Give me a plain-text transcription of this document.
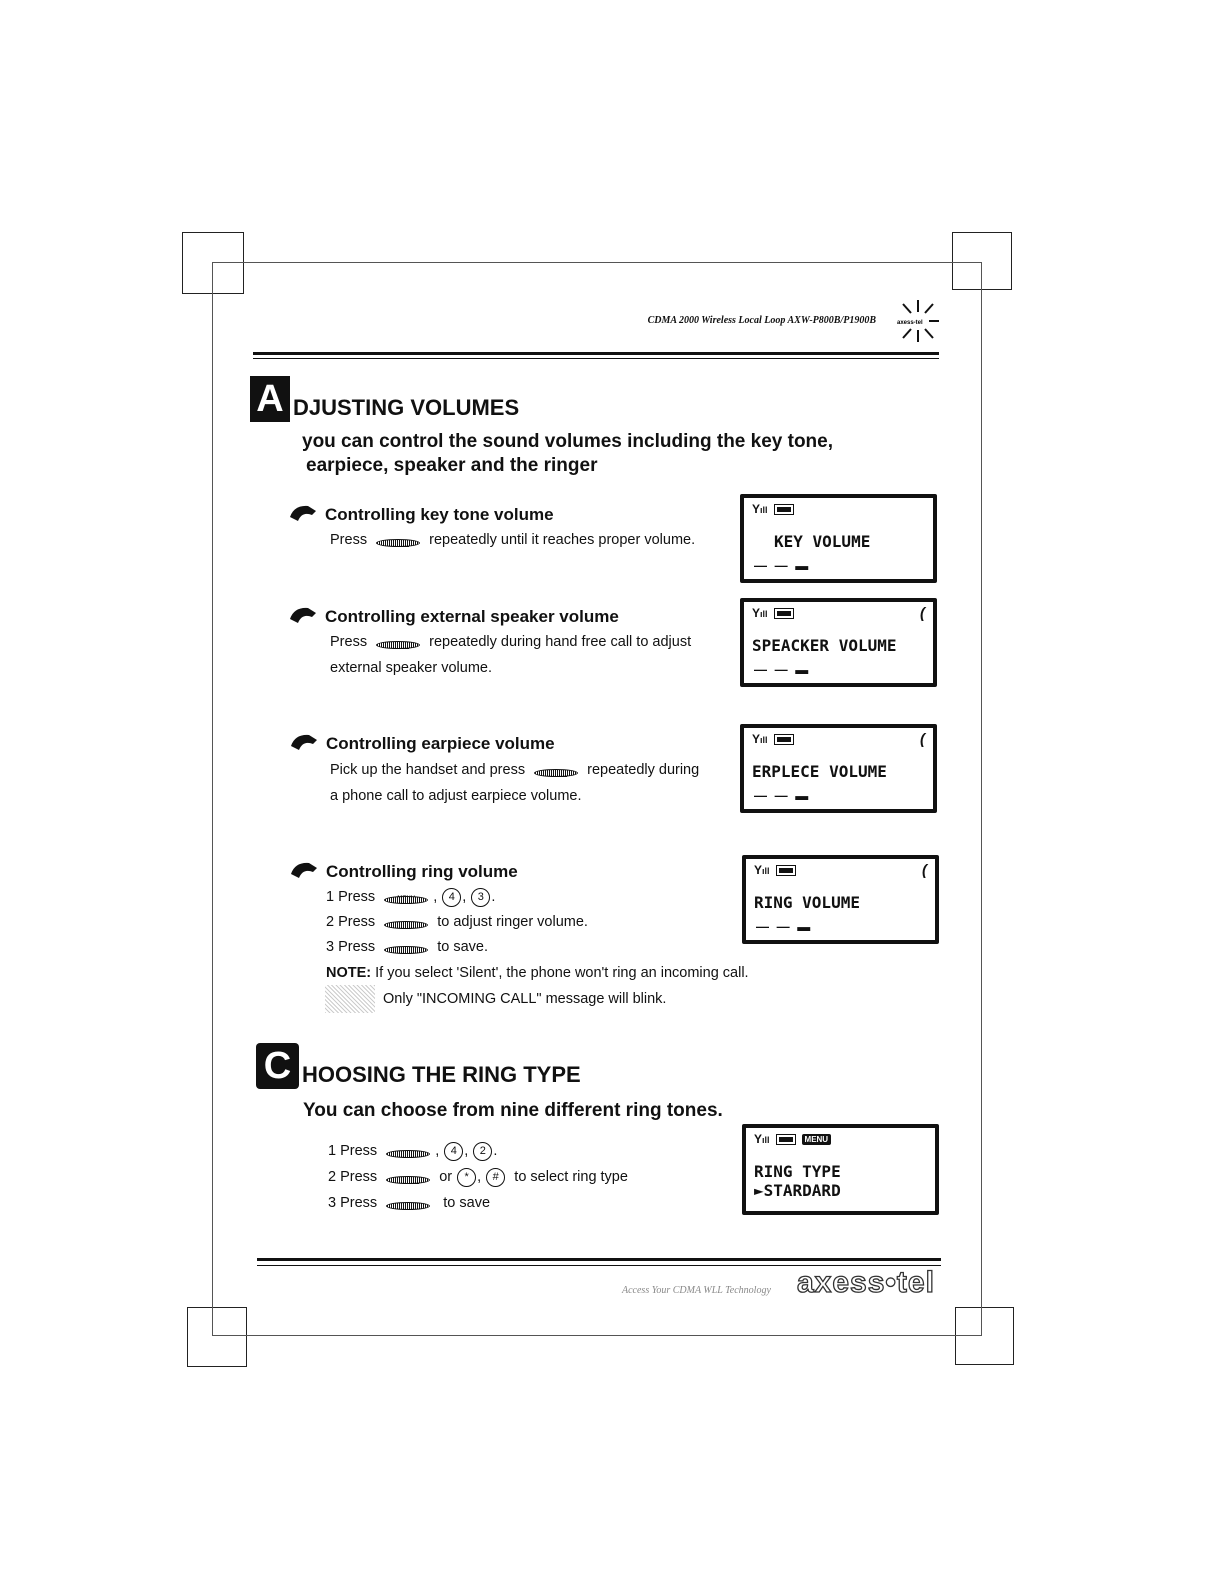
CDMA 2000 Wireless Local Loop AXW-P800B/P1900B	axess-tel
A DJUSTING VOLUMES
you can control the sound volumes including the key tone,
earpiece, speaker and the ringer
Controlling key tone volume
Press	repeatedly until it reaches proper volume.
Yıll
KEY VOLUME
— — ▬
Controlling external speaker volume
Press	repeatedly during hand free call to adjust
external speaker volume.
Yıll	(
SPEACKER VOLUME
— — ▬
Controlling earpiece volume
Pick up the handset and press	repeatedly during
a phone call to adjust earpiece volume.
Yıll	(
ERPLECE VOLUME
— — ▬
Controlling ring volume
1 Press	, 4 , 3 .
2 Press	to adjust ringer volume.
3 Press	to save.
NOTE: If you select 'Silent', the phone won't ring an incoming call.
Only "INCOMING CALL" message will blink.
Yıll	(
RING VOLUME
— — ▬
C HOOSING THE RING TYPE
You can choose from nine different ring tones.
1 Press	, 4 , 2 .
2 Press	or * , # to select ring type
3 Press	to save
Yıll	MENU
RING TYPE
►STARDARD
Access Your CDMA WLL Technology axess•tel
